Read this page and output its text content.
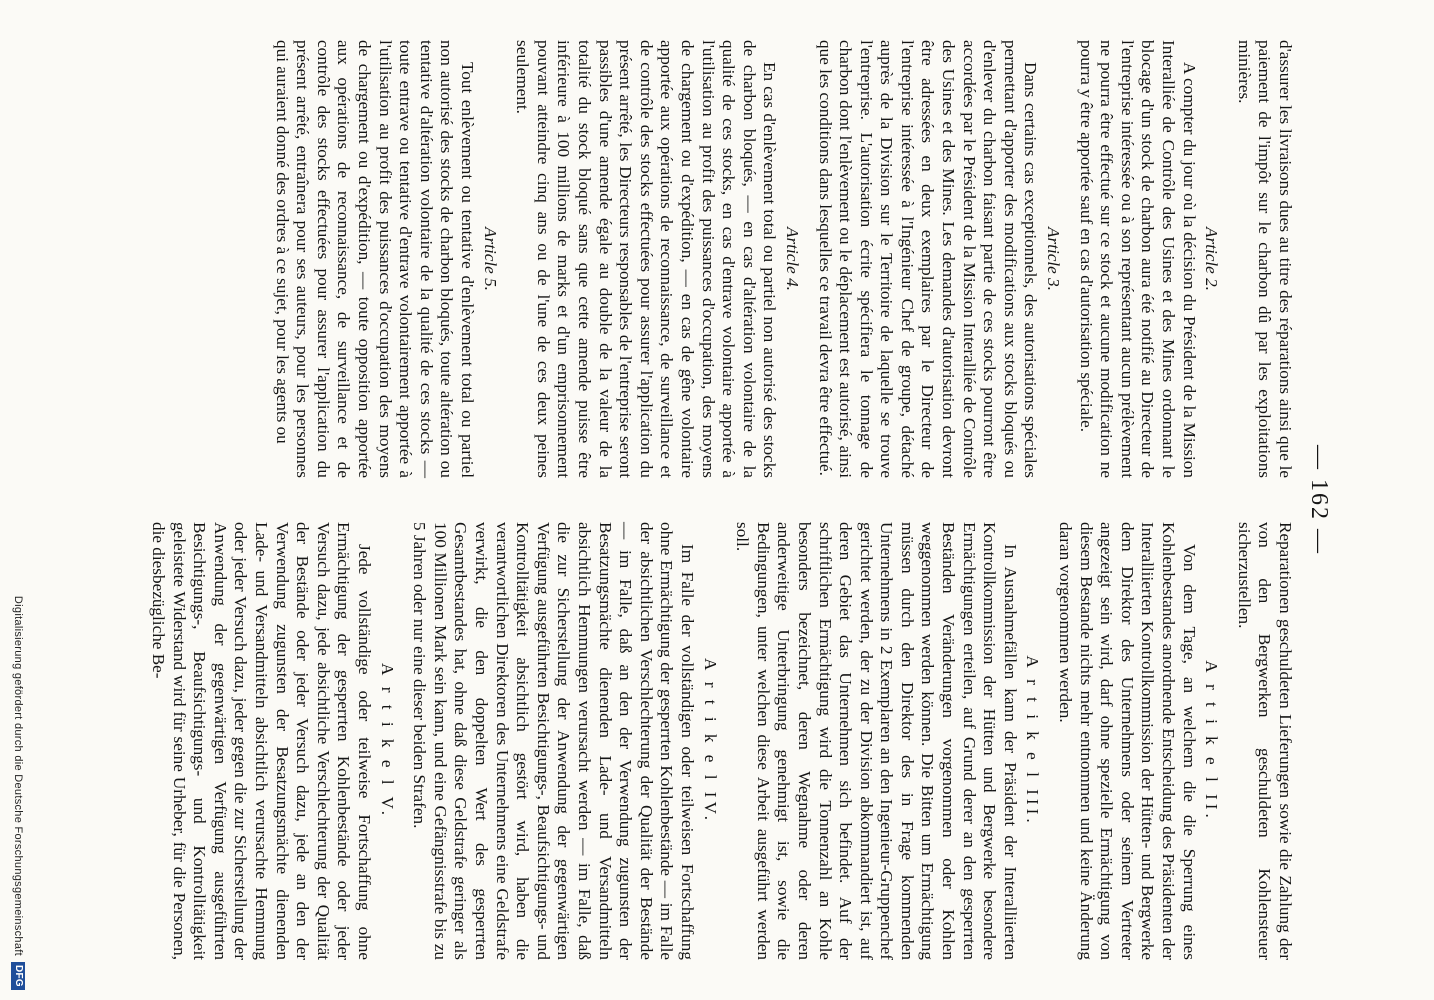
— 162 —

d'assurer les livraisons dues au titre des réparations ainsi que le paiement de l'impôt sur le charbon dû par les exploitations minières.

Article 2.

A compter du jour où la décision du Président de la Mission Interalliée de Contrôle des Usines et des Mines ordonnant le blocage d'un stock de charbon aura été notifié au Directeur de l'entreprise intéressée ou à son représentant aucun prélèvement ne pourra être effectué sur ce stock et aucune modification ne pourra y être apportée sauf en cas d'autorisation spéciale.

Article 3.

Dans certains cas exceptionnels, des autorisations spéciales permettant d'apporter des modifications aux stocks bloqués ou d'enlever du charbon faisant partie de ces stocks pourront être accordées par le Président de la Mission Interalliée de Contrôle des Usines et des Mines. Les demandes d'autorisation devront être adressées en deux exemplaires par le Directeur de l'entreprise intéressée à l'Ingénieur Chef de groupe, détaché auprès de la Division sur le Territoire de laquelle se trouve l'entreprise. L'autorisation écrite spécifiera le tonnage de charbon dont l'enlèvement ou le déplacement est autorisé, ainsi que les conditions dans lesquelles ce travail devra être effectué.

Article 4.

En cas d'enlèvement total ou partiel non autorisé des stocks de charbon bloqués, — en cas d'altération volontaire de la qualité de ces stocks, en cas d'entrave volontaire apportée à l'utilisation au profit des puissances d'occupation, des moyens de chargement ou d'expédition, — en cas de gêne volontaire apportée aux opérations de reconnaissance, de surveillance et de contrôle des stocks effectuées pour assurer l'application du présent arrêté, les Directeurs responsables de l'entreprise seront passibles d'une amende égale au double de la valeur de la totalité du stock bloqué sans que cette amende puisse être inférieure à 100 millions de marks et d'un emprisonnement pouvant atteindre cinq ans ou de l'une de ces deux peines seulement.

Article 5.

Tout enlèvement ou tentative d'enlèvement total ou partiel non autorisé des stocks de charbon bloqués, toute altération ou tentative d'altération volontaire de la qualité de ces stocks — toute entrave ou tentative d'entrave volontairement apportée à l'utilisation au profit des puissances d'occupation des moyens de chargement ou d'expédition, — toute opposition apportée aux opérations de reconnaissance, de surveillance et de contrôle des stocks effectuées pour assurer l'application du présent arrêté, entraînera pour ses auteurs, pour les personnes qui auraient donné des ordres à ce sujet, pour les agents ou

Reparationen geschuldeten Lieferungen sowie die Zahlung der von den Bergwerken geschuldeten Kohlensteuer sicherzustellen.

A r t i k e l II.

Von dem Tage, an welchem die die Sperrung eines Kohlenbestandes anordnende Entscheidung des Präsidenten der Interalliierten Kontrollkommission der Hütten- und Bergwerke dem Direktor des Unternehmens oder seinem Vertreter angezeigt sein wird, darf ohne spezielle Ermächtigung von diesem Bestande nichts mehr entnommen und keine Änderung daran vorgenommen werden.

A r t i k e l III.

In Ausnahmefällen kann der Präsident der Interalliierten Kontrollkommission der Hütten und Bergwerke besondere Ermächtigungen erteilen, auf Grund derer an den gesperrten Beständen Veränderungen vorgenommen oder Kohlen weggenommen werden können. Die Bitten um Ermächtigung müssen durch den Direktor des in Frage kommenden Unternehmens in 2 Exemplaren an den Ingenieur-Gruppenchef gerichtet werden, der zu der Division abkommandiert ist, auf deren Gebiet das Unternehmen sich befindet. Auf der schriftlichen Ermächtigung wird die Tonnenzahl an Kohle besonders bezeichnet, deren Wegnahme oder deren anderweitige Unterbringung genehmigt ist, sowie die Bedingungen, unter welchen diese Arbeit ausgeführt werden soll.

A r t i k e l IV.

Im Falle der vollständigen oder teilweisen Fortschaffung ohne Ermächtigung der gesperrten Kohlenbestände — im Falle der absichtlichen Verschlechterung der Qualität der Bestände — im Falle, daß an den der Verwendung zugunsten der Besatzungsmächte dienenden Lade- und Versandmitteln absichtlich Hemmungen verursacht werden — im Falle, daß die zur Sicherstellung der Anwendung der gegenwärtigen Verfügung ausgeführten Besichtigungs-, Beaufsichtigungs- und Kontrolltätigkeit absichtlich gestört wird, haben die verantwortlichen Direktoren des Unternehmens eine Geldstrafe verwirkt, die den doppelten Wert des gesperrten Gesamtbestandes hat, ohne daß diese Geldstrafe geringer als 100 Millionen Mark sein kann, und eine Gefängnisstrafe bis zu 5 Jahren oder nur eine dieser beiden Strafen.

A r t i k e l V.

Jede vollständige oder teilweise Fortschaffung ohne Ermächtigung der gesperrten Kohlenbestände oder jeder Versuch dazu, jede absichtliche Verschlechterung der Qualität der Bestände oder jeder Versuch dazu, jede an den der Verwendung zugunsten der Besatzungsmächte dienenden Lade- und Versandmitteln absichtlich verursachte Hemmung oder jeder Versuch dazu, jeder gegen die zur Sicherstellung der Anwendung der gegenwärtigen Verfügung ausgeführten Besichtigungs-, Beaufsichtigungs- und Kontrolltätigkeit geleistete Widerstand wird für seine Urheber, für die Personen, die diesbezügliche Be-

Digitalisierung gefördert durch die Deutsche Forschungsgemeinschaft
DFG
